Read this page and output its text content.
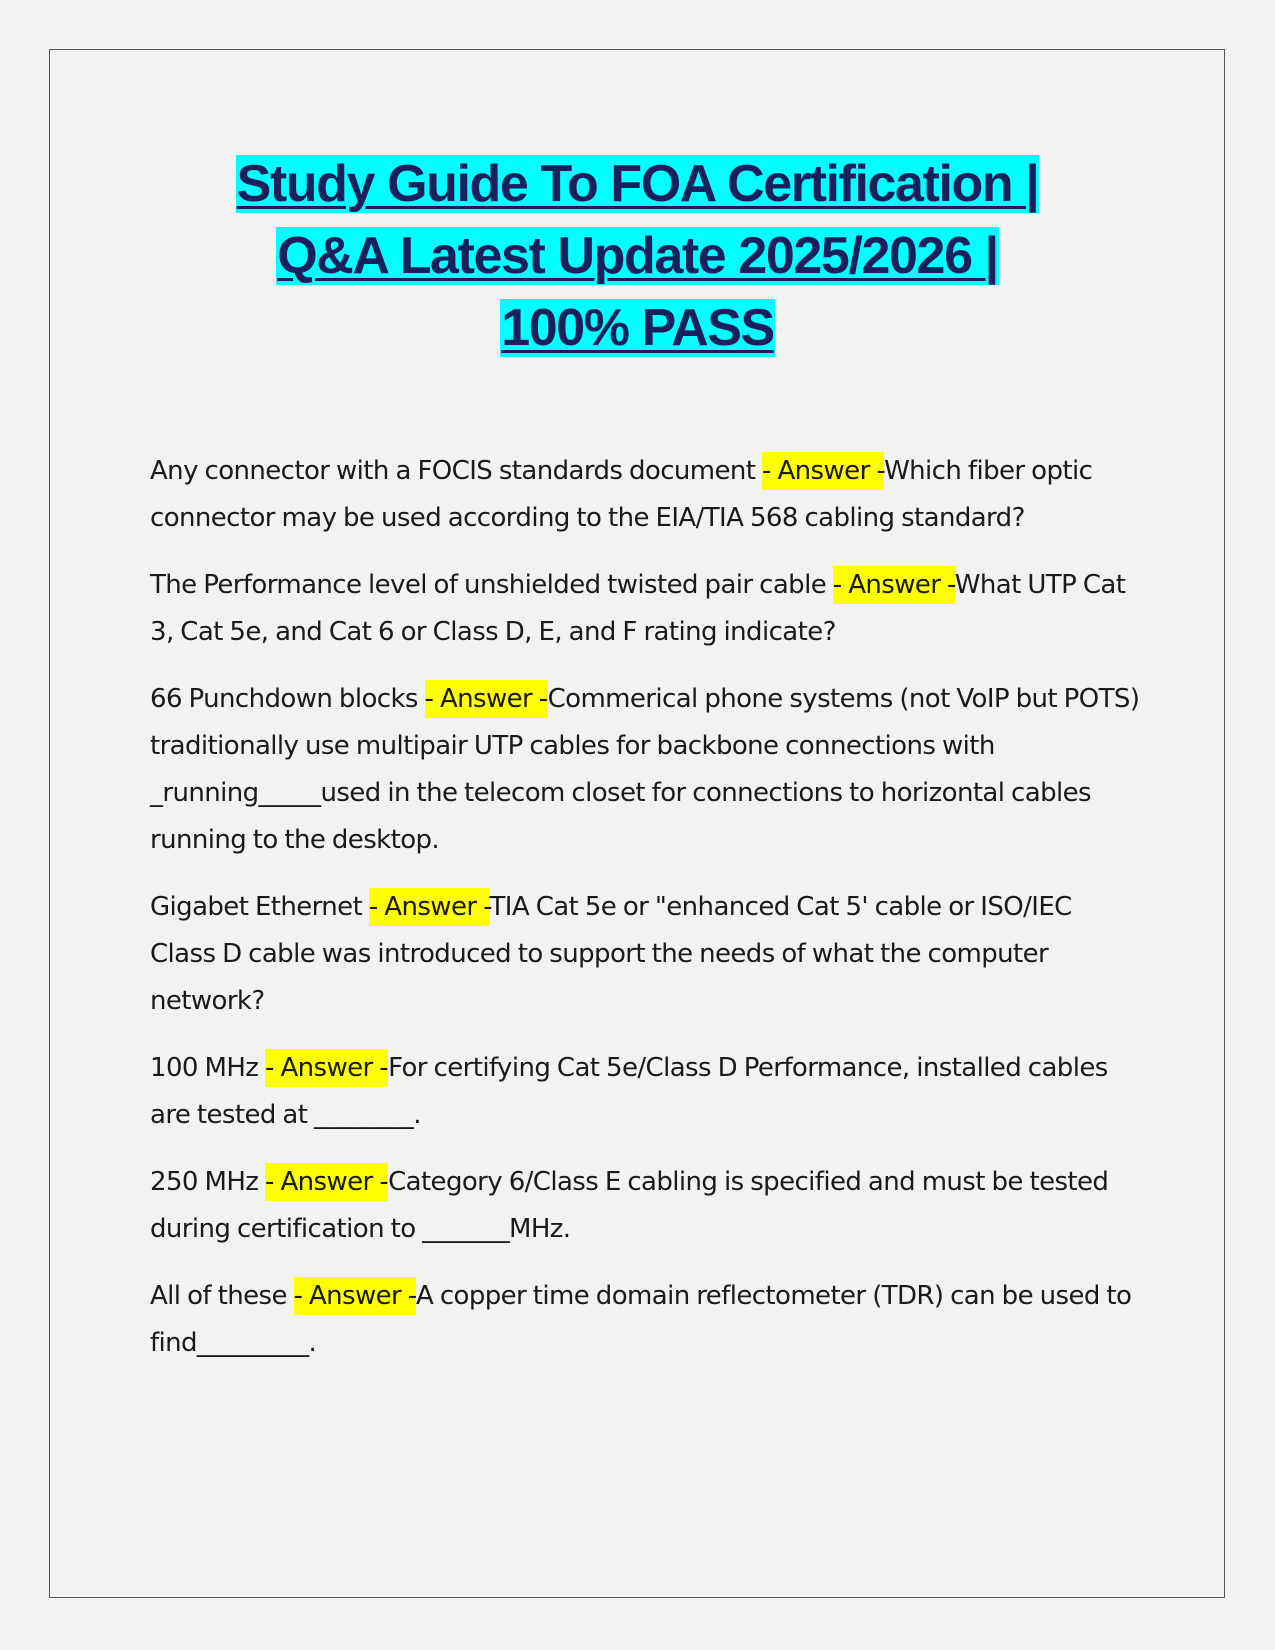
Study Guide To FOA Certification |
Q&A Latest Update 2025/2026 |
100% PASS

Any connector with a FOCIS standards document - Answer -Which fiber optic connector may be used according to the EIA/TIA 568 cabling standard?

The Performance level of unshielded twisted pair cable - Answer -What UTP Cat 3, Cat 5e, and Cat 6 or Class D, E, and F rating indicate?

66 Punchdown blocks - Answer -Commerical phone systems (not VoIP but POTS) traditionally use multipair UTP cables for backbone connections with _running_____used in the telecom closet for connections to horizontal cables running to the desktop.

Gigabet Ethernet - Answer -TIA Cat 5e or "enhanced Cat 5' cable or ISO/IEC Class D cable was introduced to support the needs of what the computer network?

100 MHz - Answer -For certifying Cat 5e/Class D Performance, installed cables are tested at ________.

250 MHz - Answer -Category 6/Class E cabling is specified and must be tested during certification to _______MHz.

All of these - Answer -A copper time domain reflectometer (TDR) can be used to find_________.
